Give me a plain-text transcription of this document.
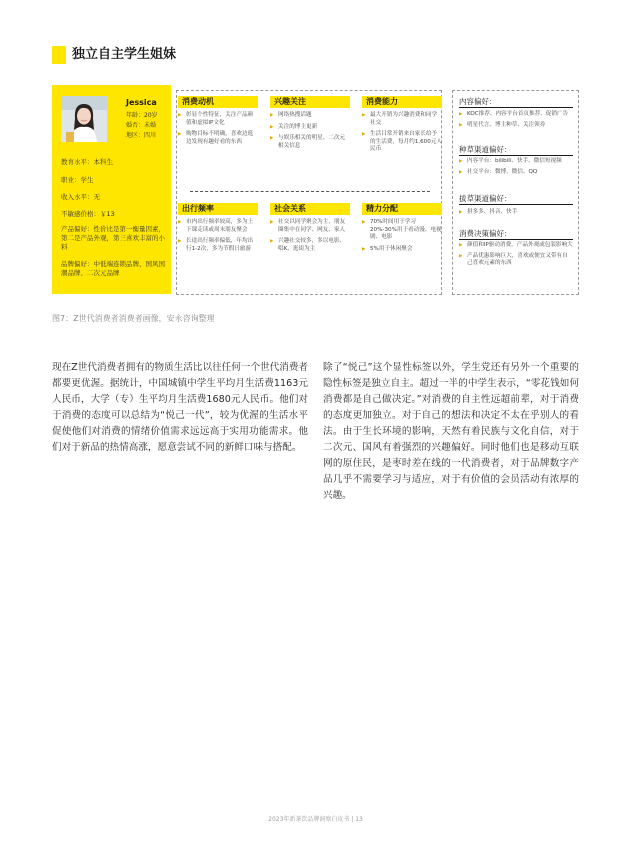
独立自主学生姐妹
Jessica
年龄：20岁
婚否：未婚
地区：四川
教育水平：本科生
职业：学生
收入水平：无
不敏感价格：￥13
产品偏好：性价比是第一衡量因素，第二是产品外观，第三喜欢丰富的小料
品牌偏好：中低端连锁品牌、国风国潮品牌、二次元品牌
消费动机
▶ 彰显个性特征，关注产品颜值和虚拟IP文化
▶ 购物目标不明确，喜欢边逛边发现有趣好看的东西
兴趣关注
▶ 网络热搜话题
▶ 关注的博主更新
▶ 与娱乐相关的明星、二次元相关信息
消费能力
▶ 最大开销为兴趣消费和同学社交
▶ 生活日常开销来自家长给予的生活费，每月约1,600元人民币
出行频率
▶ 市内出行频率较高，多为上下课走读或周末朋友聚会
▶ 长途出行频率偏低，年均出行1-2次，多为节假日旅游
社会关系
▶ 社交以同学聚会为主，朋友圈集中在同学、网友、家人
▶ 兴趣社交较多，多以电影、唱K、逛街为主
精力分配
▶ 70%时间用于学习20%-30%用于看动漫、电视剧、电影
▶ 5%用于休闲聚会
内容偏好：
▶ KOC推荐、内容平台首页推荐、促销广告
▶ 明星代言、博主种草、关注领券
种草渠道偏好：
▶ 内容平台：bilibili、快手、微信短视频
▶ 社交平台：微博、微信、QQ
拔草渠道偏好：
▶ 拼多多、抖音、快手
消费决策偏好：
▶ 颜值和IP驱动消费，产品外观或包装影响大
▶ 产品优惠影响巨大，喜欢或便宜又带有自己喜欢元素的东西
图7：Z世代消费者消费者画像，安永咨询整理

现在Z世代消费者拥有的物质生活比以往任何一个世代消费者都要更优渥。据统计，中国城镇中学生平均月生活费1163元人民币，大学（专）生平均月生活费1680元人民币。他们对于消费的态度可以总结为“悦己一代”，较为优渥的生活水平促使他们对消费的情绪价值需求远远高于实用功能需求。他们对于新品的热情高涨，愿意尝试不同的新鲜口味与搭配。

除了“悦己”这个显性标签以外，学生党还有另外一个重要的隐性标签是独立自主。超过一半的中学生表示，“零花钱如何消费都是自己做决定。”对消费的自主性远超前辈，对于消费的态度更加独立。对于自己的想法和决定不太在乎别人的看法。由于生长环境的影响，天然有着民族与文化自信，对于二次元、国风有着强烈的兴趣偏好。同时他们也是移动互联网的原住民，是枣时差在线的一代消费者，对于品牌数字产品几乎不需要学习与适应，对于有价值的会员活动有浓厚的兴趣。

2023年新茶饮品牌洞察白皮书 | 13
